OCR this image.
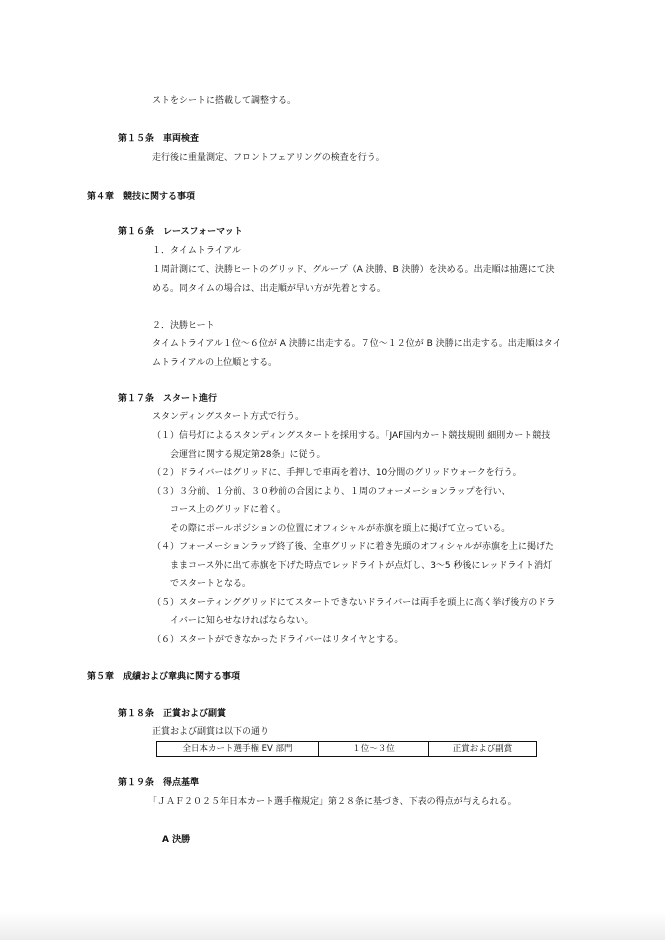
ストをシートに搭載して調整する。
第１５条　車両検査
走行後に重量測定、フロントフェアリングの検査を行う。
第４章　競技に関する事項
第１６条　レースフォーマット
１．タイムトライアル
１周計測にて、決勝ヒートのグリッド、グループ（A 決勝、B 決勝）を決める。出走順は抽選にて決
める。同タイムの場合は、出走順が早い方が先着とする。
２．決勝ヒート
タイムトライアル１位～６位が A 決勝に出走する。７位～１２位が B 決勝に出走する。出走順はタイ
ムトライアルの上位順とする。
第１７条　スタート進行
スタンディングスタート方式で行う。
（１）信号灯によるスタンディングスタートを採用する。「JAF国内カート競技規則 細則カート競技
会運営に関する規定第28条」に従う。
（２）ドライバーはグリッドに、手押しで車両を着け、10分間のグリッドウォークを行う。
（３）３分前、１分前、３０秒前の合図により、１周のフォーメーションラップを行い、
コース上のグリッドに着く。
その際にポールポジションの位置にオフィシャルが赤旗を頭上に掲げて立っている。
（４）フォーメーションラップ終了後、全車グリッドに着き先頭のオフィシャルが赤旗を上に掲げた
ままコース外に出て赤旗を下げた時点でレッドライトが点灯し、3～5 秒後にレッドライト消灯
でスタートとなる。
（５）スターティンググリッドにてスタートできないドライバーは両手を頭上に高く挙げ後方のドラ
イバーに知らせなければならない。
（６）スタートができなかったドライバーはリタイヤとする。
第５章　成績および章典に関する事項
第１８条　正賞および副賞
正賞および副賞は以下の通り
全日本カート選手権 EV 部門	１位～３位	正賞および副賞
第１９条　得点基準
「ＪＡＦ２０２５年日本カート選手権規定」第２８条に基づき、下表の得点が与えられる。
A 決勝
